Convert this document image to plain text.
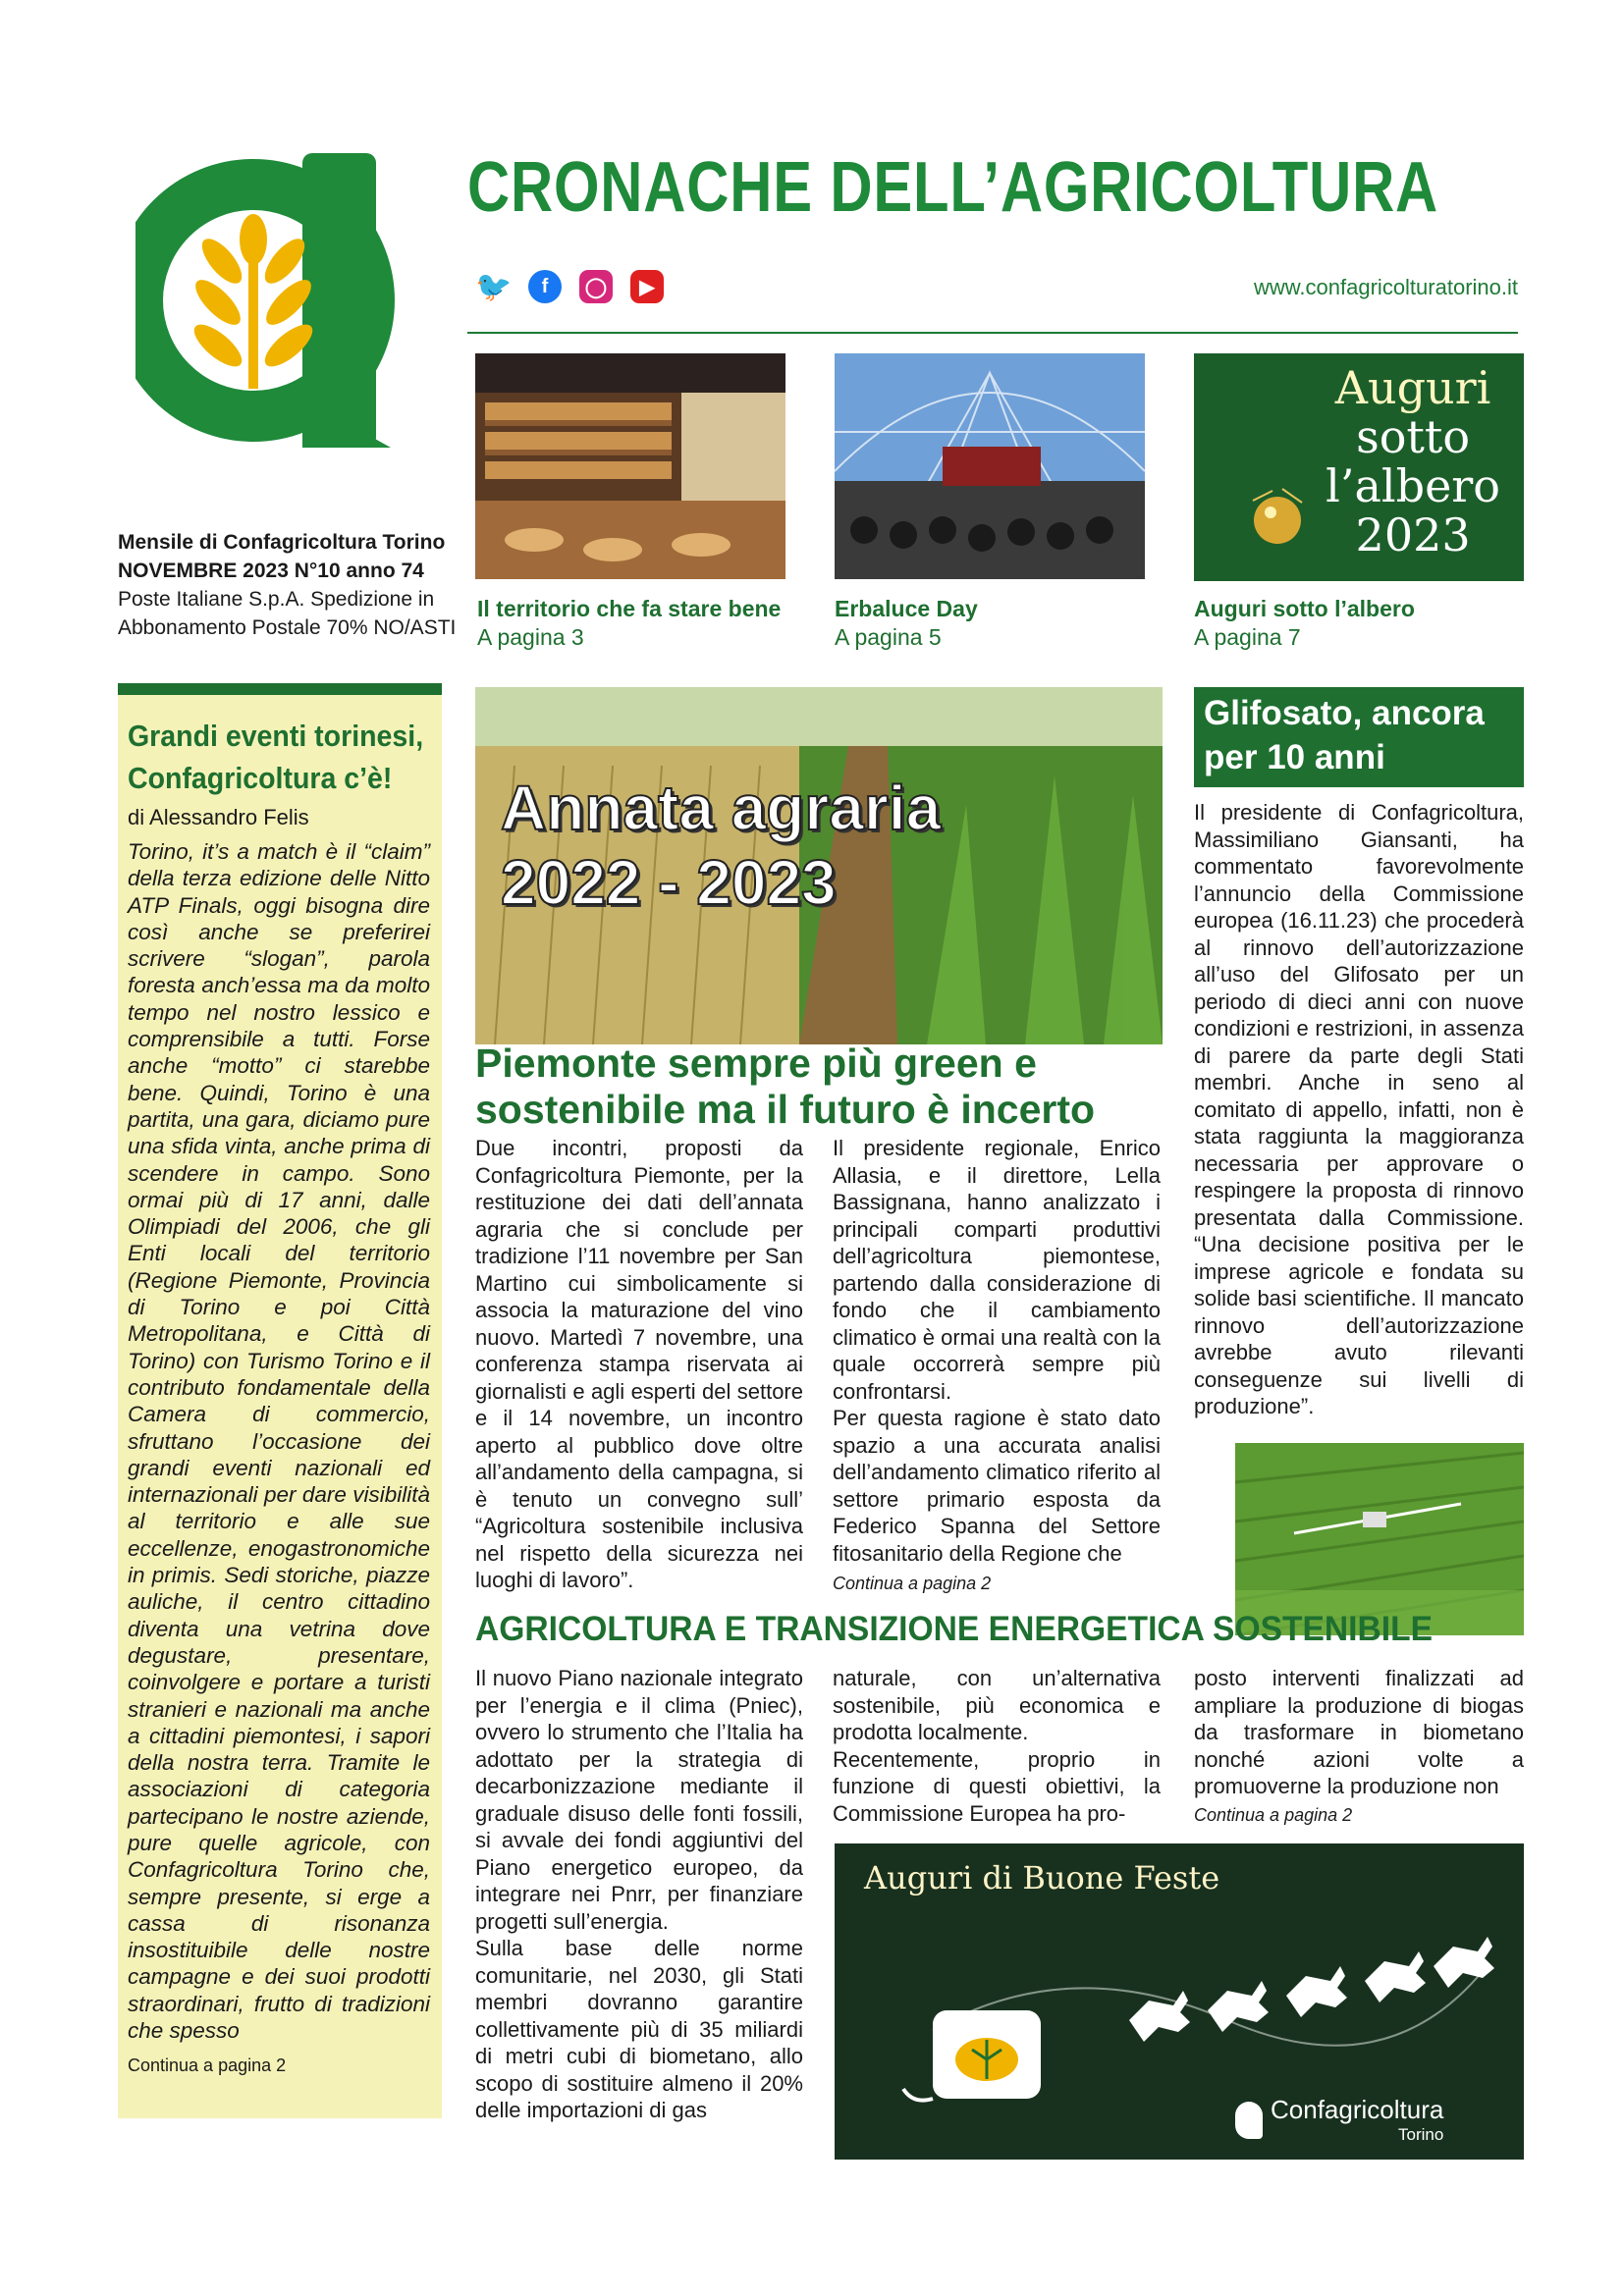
CRONACHE DELL’AGRICOLTURA
🐦	f	◯	▶	www.confagricolturatorino.it
Mensile di Confagricoltura Torino
NOVEMBRE 2023 N°10 anno 74
Poste Italiane S.p.A. Spedizione in
Abbonamento Postale 70% NO/ASTI
Auguri
sotto
l’albero
2023
Il territorio che fa stare bene
A pagina 3
Erbaluce Day
A pagina 5
Auguri sotto l’albero
A pagina 7
Grandi eventi torinesi,
Confagricoltura c’è!
di Alessandro Felis
Torino, it’s a match è il “claim” della terza edizione delle Nitto ATP Finals, oggi bisogna dire così anche se preferirei scrivere “slogan”, parola foresta anch’essa ma da molto tempo nel nostro lessico e comprensibile a tutti. Forse anche “motto” ci starebbe bene. Quindi, Torino è una partita, una gara, diciamo pure una sfida vinta, anche prima di scendere in campo. Sono ormai più di 17 anni, dalle Olimpiadi del 2006, che gli Enti locali del territorio (Regione Piemonte, Provincia di Torino e poi Città Metropolitana, e Città di Torino) con Turismo Torino e il contributo fondamentale della Camera di commercio, sfruttano l’occasione dei grandi eventi nazionali ed internazionali per dare visibilità al territorio e alle sue eccellenze, enogastronomiche in primis. Sedi storiche, piazze auliche, il centro cittadino diventa una vetrina dove degustare, presentare, coinvolgere e portare a turisti stranieri e nazionali ma anche a cittadini piemontesi, i sapori della nostra terra. Tramite le associazioni di categoria partecipano le nostre aziende, pure quelle agricole, con Confagricoltura Torino che, sempre presente, si erge a cassa di risonanza insostituibile delle nostre campagne e dei suoi prodotti straordinari, frutto di tradizioni che spesso
Continua a pagina 2
Annata agraria
2022 - 2023
Piemonte sempre più green e
sostenibile ma il futuro è incerto
Due incontri, proposti da Confagricoltura Piemonte, per la restituzione dei dati dell’annata agraria che si conclude per tradizione l’11 novembre per San Martino cui simbolicamente si associa la maturazione del vino nuovo. Martedì 7 novembre, una conferenza stampa riservata ai giornalisti e agli esperti del settore e il 14 novembre, un incontro aperto al pubblico dove oltre all’andamento della campagna, si è tenuto un convegno sull’ “Agricoltura sostenibile inclusiva nel rispetto della sicurezza nei luoghi di lavoro”.
Il presidente regionale, Enrico Allasia, e il direttore, Lella Bassignana, hanno analizzato i principali comparti produttivi dell’agricoltura piemontese, partendo dalla considerazione di fondo che il cambiamento climatico è ormai una realtà con la quale occorrerà sempre più confrontarsi.
Per questa ragione è stato dato spazio a una accurata analisi dell’andamento climatico riferito al settore primario esposta da Federico Spanna del Settore fitosanitario della Regione che
Continua a pagina 2
Glifosato, ancora
per 10 anni
Il presidente di Confagricoltura, Massimiliano Giansanti, ha commentato favorevolmente l’annuncio della Commissione europea (16.11.23) che procederà al rinnovo dell’autorizzazione all’uso del Glifosato per un periodo di dieci anni con nuove condizioni e restrizioni, in assenza di parere da parte degli Stati membri. Anche in seno al comitato di appello, infatti, non è stata raggiunta la maggioranza necessaria per approvare o respingere la proposta di rinnovo presentata dalla Commissione. “Una decisione positiva per le imprese agricole e fondata su solide basi scientifiche. Il mancato rinnovo dell’autorizzazione avrebbe avuto rilevanti conseguenze sui livelli di produzione”.
AGRICOLTURA E TRANSIZIONE ENERGETICA SOSTENIBILE
Il nuovo Piano nazionale integrato per l’energia e il clima (Pniec), ovvero lo strumento che l’Italia ha adottato per la strategia di decarbonizzazione mediante il graduale disuso delle fonti fossili, si avvale dei fondi aggiuntivi del Piano energetico europeo, da integrare nei Pnrr, per finanziare progetti sull’energia.
Sulla base delle norme comunitarie, nel 2030, gli Stati membri dovranno garantire collettivamente più di 35 miliardi di metri cubi di biometano, allo scopo di sostituire almeno il 20% delle importazioni di gas
naturale, con un’alternativa sostenibile, più economica e prodotta localmente.
Recentemente, proprio in funzione di questi obiettivi, la Commissione Europea ha pro-
posto interventi finalizzati ad ampliare la produzione di biogas da trasformare in biometano nonché azioni volte a promuoverne la produzione non
Continua a pagina 2
Auguri di Buone Feste
Confagricoltura
Torino
